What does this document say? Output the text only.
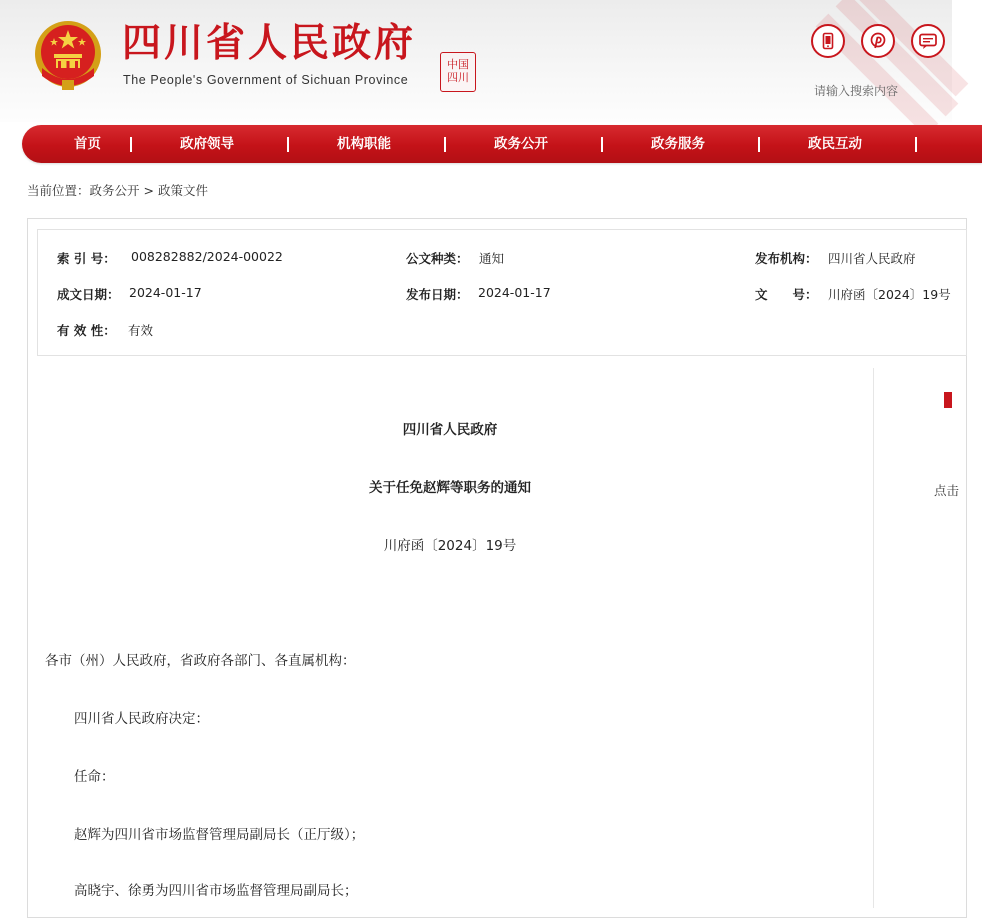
四川省人民政府
The People's Government of Sichuan Province
中国四川
请输入搜索内容
首页	政府领导	机构职能	政务公开	政务服务	政民互动
当前位置：政务公开 > 政策文件
索 引 号： 008282882/2024-00022	公文种类： 通知	发布机构： 四川省人民政府
成文日期： 2024-01-17	发布日期： 2024-01-17	文　　号： 川府函〔2024〕19号
有 效 性： 有效
点击
四川省人民政府
关于任免赵辉等职务的通知
川府函〔2024〕19号
各市（州）人民政府，省政府各部门、各直属机构：
四川省人民政府决定：
任命：
赵辉为四川省市场监督管理局副局长（正厅级）；
高晓宇、徐勇为四川省市场监督管理局副局长；
